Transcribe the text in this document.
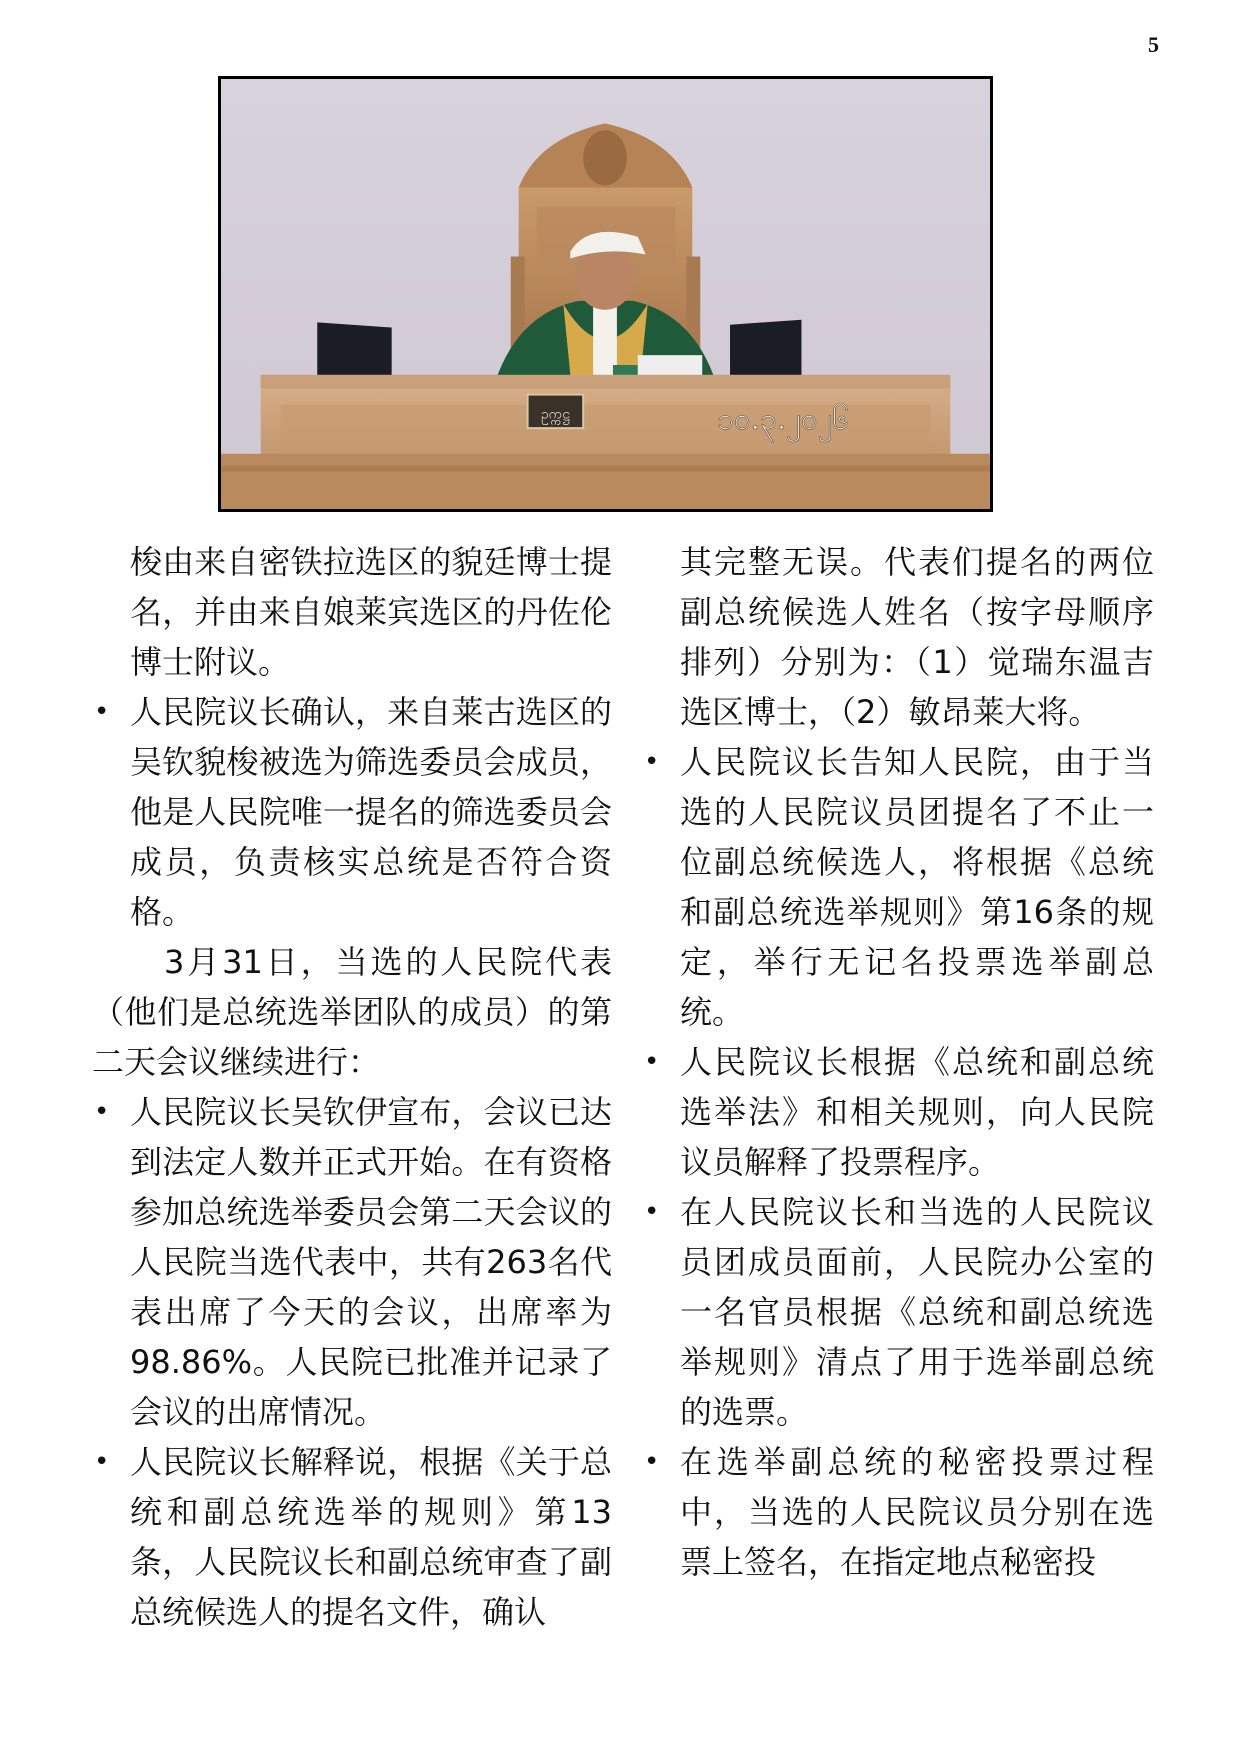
5
ဥက္ကဋ္ဌ	၁၀.၃.၂၀၂၆

梭由来自密铁拉选区的貌廷博士提名，并由来自娘莱宾选区的丹佐伦博士附议。

• 人民院议长确认，来自莱古选区的吴钦貌梭被选为筛选委员会成员，他是人民院唯一提名的筛选委员会成员，负责核实总统是否符合资格。

3月31日，当选的人民院代表（他们是总统选举团队的成员）的第二天会议继续进行：

• 人民院议长吴钦伊宣布，会议已达到法定人数并正式开始。在有资格参加总统选举委员会第二天会议的人民院当选代表中，共有263名代表出席了今天的会议，出席率为98.86%。人民院已批准并记录了会议的出席情况。

• 人民院议长解释说，根据《关于总统和副总统选举的规则》第13条，人民院议长和副总统审查了副总统候选人的提名文件，确认

其完整无误。代表们提名的两位副总统候选人姓名（按字母顺序排列）分别为：（1）觉瑞东温吉选区博士，（2）敏昂莱大将。

• 人民院议长告知人民院，由于当选的人民院议员团提名了不止一位副总统候选人，将根据《总统和副总统选举规则》第16条的规定，举行无记名投票选举副总统。

• 人民院议长根据《总统和副总统选举法》和相关规则，向人民院议员解释了投票程序。

• 在人民院议长和当选的人民院议员团成员面前，人民院办公室的一名官员根据《总统和副总统选举规则》清点了用于选举副总统的选票。

• 在选举副总统的秘密投票过程中，当选的人民院议员分别在选票上签名，在指定地点秘密投
